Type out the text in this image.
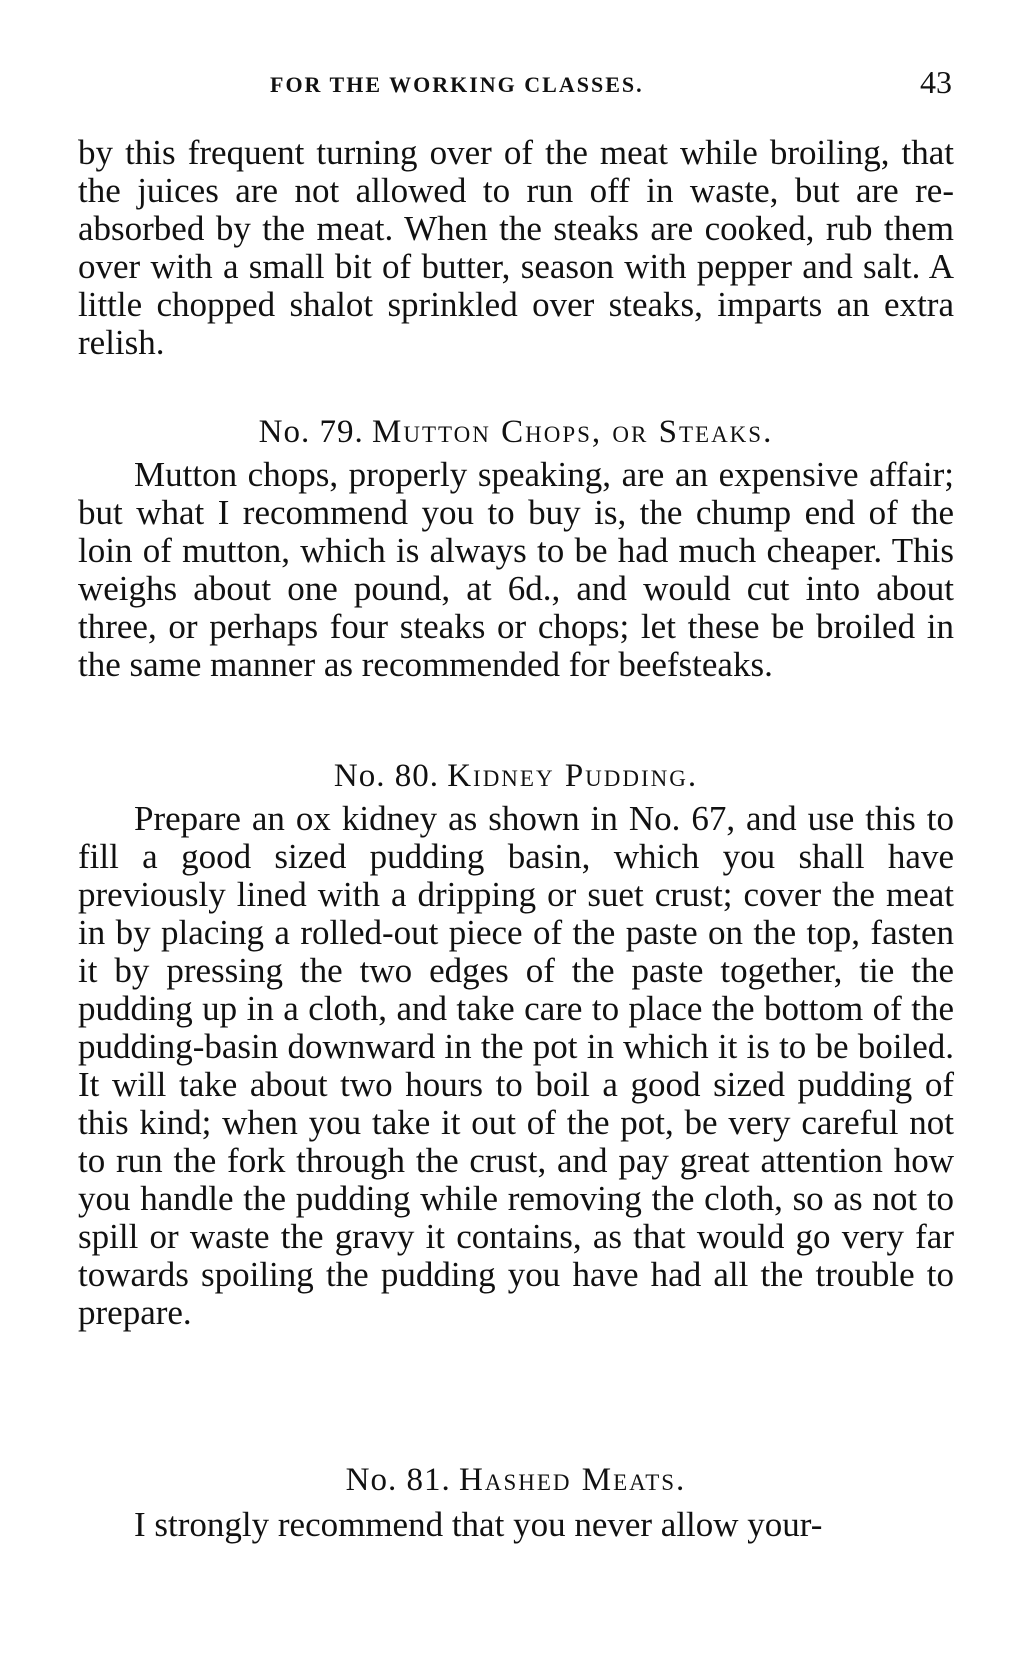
FOR THE WORKING CLASSES.	43

by this frequent turning over of the meat while broiling, that the juices are not allowed to run off in waste, but are re-absorbed by the meat. When the steaks are cooked, rub them over with a small bit of butter, season with pepper and salt. A little chopped shalot sprinkled over steaks, imparts an extra relish.

No. 79. Mutton Chops, or Steaks.

Mutton chops, properly speaking, are an expensive affair; but what I recommend you to buy is, the chump end of the loin of mutton, which is always to be had much cheaper. This weighs about one pound, at 6d., and would cut into about three, or perhaps four steaks or chops; let these be broiled in the same manner as recommended for beefsteaks.

No. 80. Kidney Pudding.

Prepare an ox kidney as shown in No. 67, and use this to fill a good sized pudding basin, which you shall have previously lined with a dripping or suet crust; cover the meat in by placing a rolled-out piece of the paste on the top, fasten it by pressing the two edges of the paste together, tie the pudding up in a cloth, and take care to place the bottom of the pudding-basin downward in the pot in which it is to be boiled. It will take about two hours to boil a good sized pudding of this kind; when you take it out of the pot, be very careful not to run the fork through the crust, and pay great attention how you handle the pudding while removing the cloth, so as not to spill or waste the gravy it contains, as that would go very far towards spoiling the pudding you have had all the trouble to prepare.

No. 81. Hashed Meats.

I strongly recommend that you never allow your-
